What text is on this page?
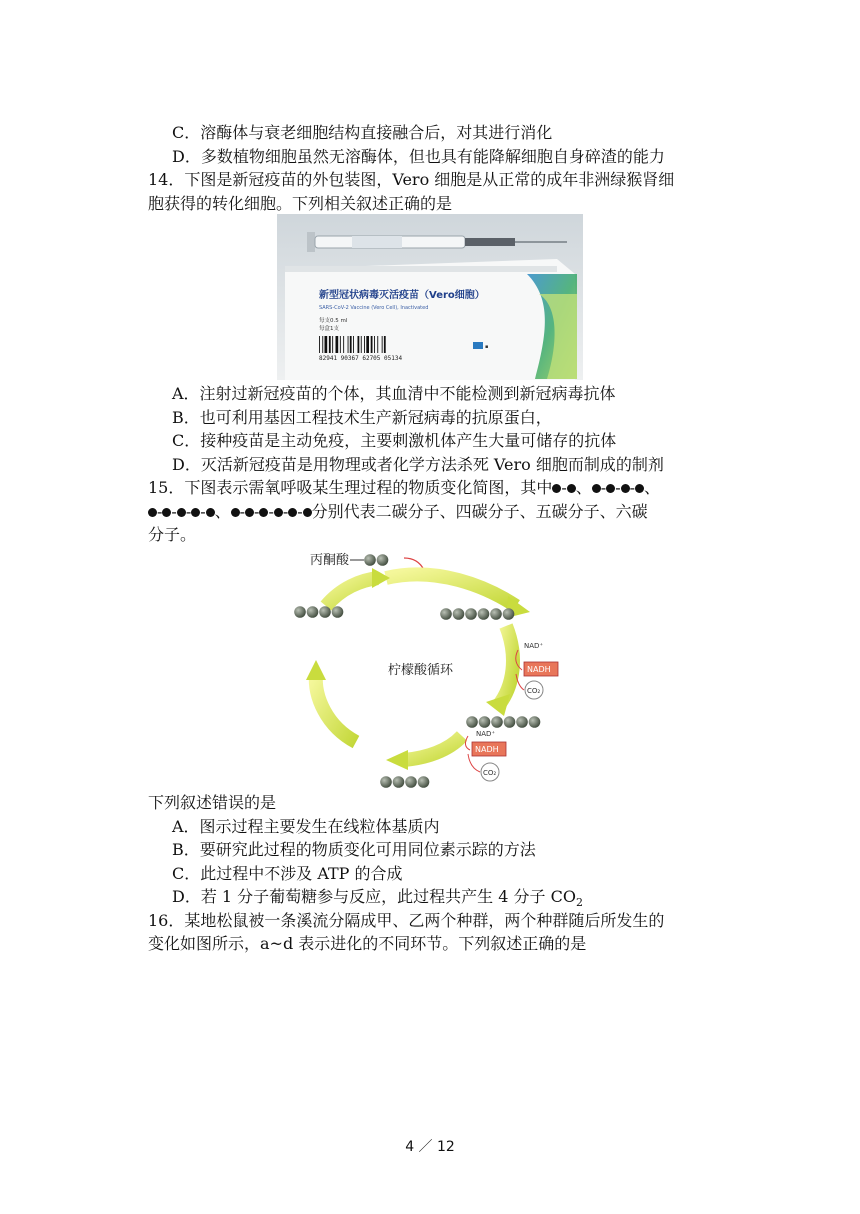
C．溶酶体与衰老细胞结构直接融合后，对其进行消化
D．多数植物细胞虽然无溶酶体，但也具有能降解细胞自身碎渣的能力
14．下图是新冠疫苗的外包装图，Vero 细胞是从正常的成年非洲绿猴肾细
胞获得的转化细胞。下列相关叙述正确的是
新型冠状病毒灭活疫苗（Vero细胞）
SARS-CoV-2 Vaccine (Vero Cell), Inactivated
每支0.5 ml
每盒1支
82941 90367 62705 05134
▪
A．注射过新冠疫苗的个体，其血清中不能检测到新冠病毒抗体
B．也可利用基因工程技术生产新冠病毒的抗原蛋白，
C．接种疫苗是主动免疫，主要刺激机体产生大量可储存的抗体
D．灭活新冠疫苗是用物理或者化学方法杀死 Vero 细胞而制成的制剂
15．下图表示需氧呼吸某生理过程的物质变化简图，其中 - 、 - - - 、
- - - - 、 - - - - - 分别代表二碳分子、四碳分子、五碳分子、六碳
分子。
丙酮酸
柠檬酸循环
NAD⁺
NADH
CO₂
NAD⁺
NADH
CO₂
下列叙述错误的是
A．图示过程主要发生在线粒体基质内
B．要研究此过程的物质变化可用同位素示踪的方法
C．此过程中不涉及 ATP 的合成
D．若 1 分子葡萄糖参与反应，此过程共产生 4 分子 $CO_2$
16．某地松鼠被一条溪流分隔成甲、乙两个种群，两个种群随后所发生的
变化如图所示，a~d 表示进化的不同环节。下列叙述正确的是
4 ／ 12
